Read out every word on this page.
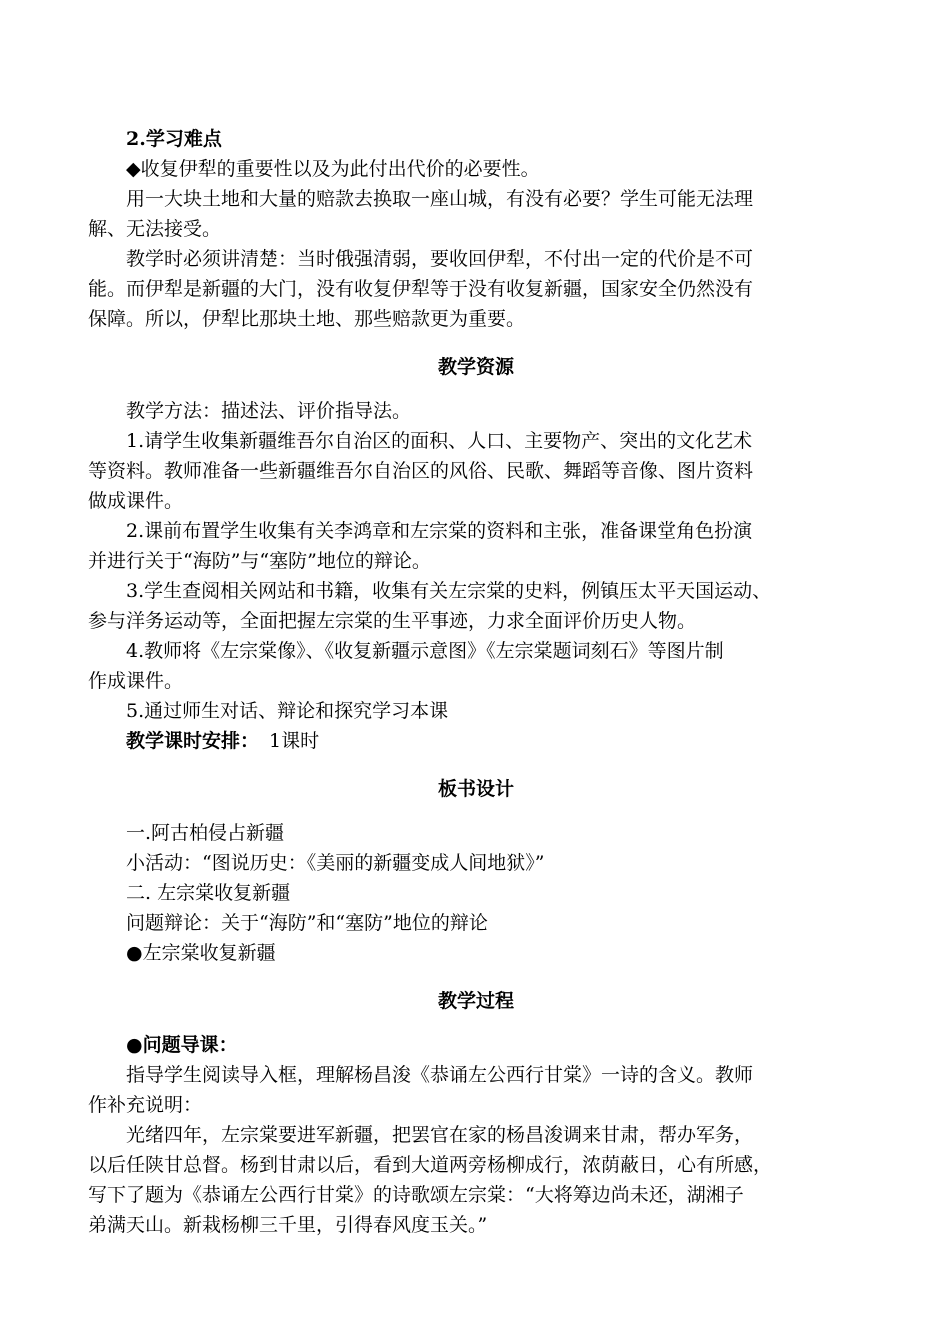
2.学习难点
◆收复伊犁的重要性以及为此付出代价的必要性。
用一大块土地和大量的赔款去换取一座山城，有没有必要？学生可能无法理
解、无法接受。
教学时必须讲清楚：当时俄强清弱，要收回伊犁，不付出一定的代价是不可
能。而伊犁是新疆的大门，没有收复伊犁等于没有收复新疆，国家安全仍然没有
保障。所以，伊犁比那块土地、那些赔款更为重要。
教学资源
教学方法：描述法、评价指导法。
1.请学生收集新疆维吾尔自治区的面积、人口、主要物产、突出的文化艺术
等资料。教师准备一些新疆维吾尔自治区的风俗、民歌、舞蹈等音像、图片资料
做成课件。
2.课前布置学生收集有关李鸿章和左宗棠的资料和主张，准备课堂角色扮演
并进行关于“海防”与“塞防”地位的辩论。
3.学生查阅相关网站和书籍，收集有关左宗棠的史料，例镇压太平天国运动、
参与洋务运动等，全面把握左宗棠的生平事迹，力求全面评价历史人物。
4.教师将《左宗棠像》、《收复新疆示意图》《左宗棠题词刻石》等图片制
作成课件。
5.通过师生对话、辩论和探究学习本课
教学课时安排： 1课时
板书设计
一.阿古柏侵占新疆
小活动：“图说历史：《美丽的新疆变成人间地狱》”
二. 左宗棠收复新疆
问题辩论：关于“海防”和“塞防”地位的辩论
●左宗棠收复新疆
教学过程
●问题导课：
指导学生阅读导入框，理解杨昌浚《恭诵左公西行甘棠》一诗的含义。教师
作补充说明：
光绪四年，左宗棠要进军新疆，把罢官在家的杨昌浚调来甘肃，帮办军务，
以后任陕甘总督。杨到甘肃以后，看到大道两旁杨柳成行，浓荫蔽日，心有所感，
写下了题为《恭诵左公西行甘棠》的诗歌颂左宗棠：“大将筹边尚未还，湖湘子
弟满天山。新栽杨柳三千里，引得春风度玉关。”
